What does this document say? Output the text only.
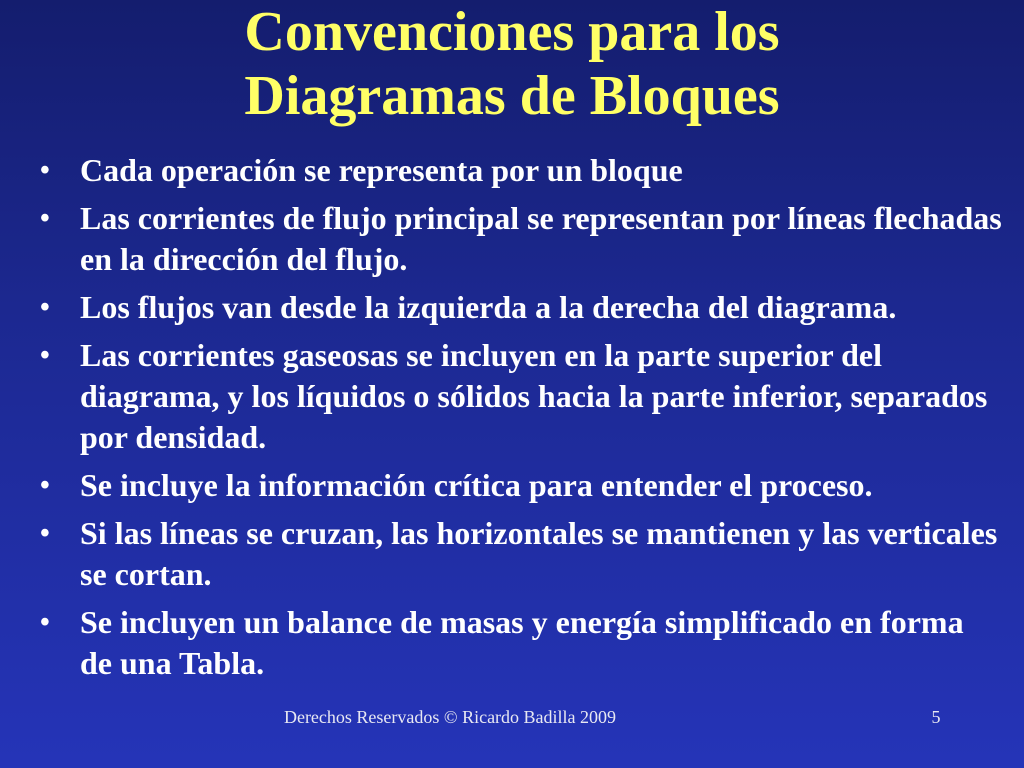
Convenciones para los
Diagramas de Bloques
• Cada operación se representa por un bloque
• Las corrientes de flujo principal se representan por líneas flechadas en la dirección del flujo.
• Los flujos van desde la izquierda a la derecha del diagrama.
• Las corrientes gaseosas se incluyen en la parte superior del diagrama, y los líquidos o sólidos hacia la parte inferior, separados por densidad.
• Se incluye la información crítica para entender el proceso.
• Si las líneas se cruzan, las horizontales se mantienen y las verticales se cortan.
• Se incluyen un balance de masas y energía simplificado en forma de una Tabla.
Derechos Reservados © Ricardo Badilla 2009	5
